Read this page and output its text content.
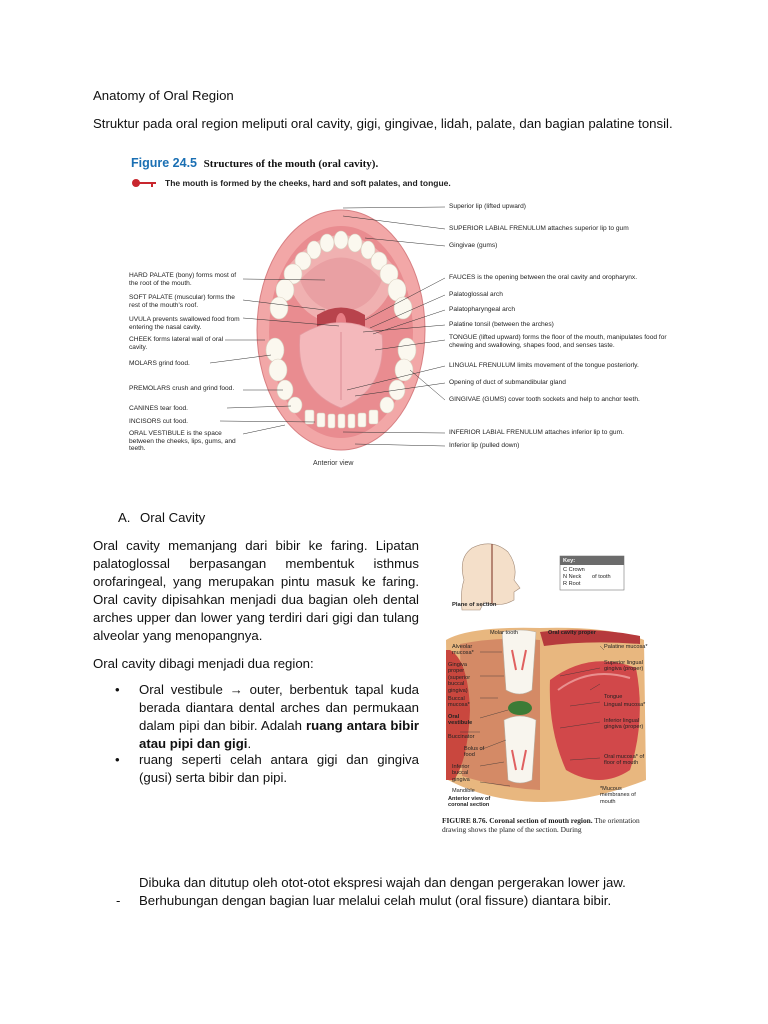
Anatomy of Oral Region
Struktur pada oral region meliputi oral cavity, gigi, gingivae, lidah, palate, dan bagian palatine tonsil.
Figure 24.5 Structures of the mouth (oral cavity).
The mouth is formed by the cheeks, hard and soft palates, and tongue.
HARD PALATE (bony) forms most of the root of the mouth.
SOFT PALATE (muscular) forms the rest of the mouth's roof.
UVULA prevents swallowed food from entering the nasal cavity.
CHEEK forms lateral wall of oral cavity.
MOLARS grind food.
PREMOLARS crush and grind food.
CANINES tear food.
INCISORS cut food.
ORAL VESTIBULE is the space between the cheeks, lips, gums, and teeth.
Superior lip (lifted upward)
SUPERIOR LABIAL FRENULUM attaches superior lip to gum
Gingivae (gums)
FAUCES is the opening between the oral cavity and oropharynx.
Palatoglossal arch
Palatopharyngeal arch
Palatine tonsil (between the arches)
TONGUE (lifted upward) forms the floor of the mouth, manipulates food for chewing and swallowing, shapes food, and senses taste.
LINGUAL FRENULUM limits movement of the tongue posteriorly.
Opening of duct of submandibular gland
GINGIVAE (GUMS) cover tooth sockets and help to anchor teeth.
INFERIOR LABIAL FRENULUM attaches inferior lip to gum.
Inferior lip (pulled down)
Anterior view
A. Oral Cavity
Oral cavity memanjang dari bibir ke faring. Lipatan palatoglossal berpasangan membentuk isthmus orofaringeal, yang merupakan pintu masuk ke faring. Oral cavity dipisahkan menjadi dua bagian oleh dental arches upper dan lower yang terdiri dari gigi dan tulang alveolar yang menopangnya.
Oral cavity dibagi menjadi dua region:
• Oral vestibule → outer, berbentuk tapal kuda berada diantara dental arches dan permukaan dalam pipi dan bibir. Adalah ruang antara bibir atau pipi dan gigi.
• ruang seperti celah antara gigi dan gingiva (gusi) serta bibir dan pipi.
Plane of section
Key:
C Crown
N Neck
R Root
of tooth
Molar tooth	Oral cavity proper
Alveolar mucosa*
Gingiva proper (superior buccal gingiva)
Buccal mucosa*
Oral vestibule
Buccinator
Bolus of food
Inferior buccal gingiva
Mandible
Anterior view of coronal section
Palatine mucosa*
Superior lingual gingiva (proper)
Tongue
Lingual mucosa*
Inferior lingual gingiva (proper)
Oral mucosa* of floor of mouth
*Mucous membranes of mouth
FIGURE 8.76. Coronal section of mouth region. The orientation drawing shows the plane of the section. During
Dibuka dan ditutup oleh otot-otot ekspresi wajah dan dengan pergerakan lower jaw.
- Berhubungan dengan bagian luar melalui celah mulut (oral fissure) diantara bibir.
